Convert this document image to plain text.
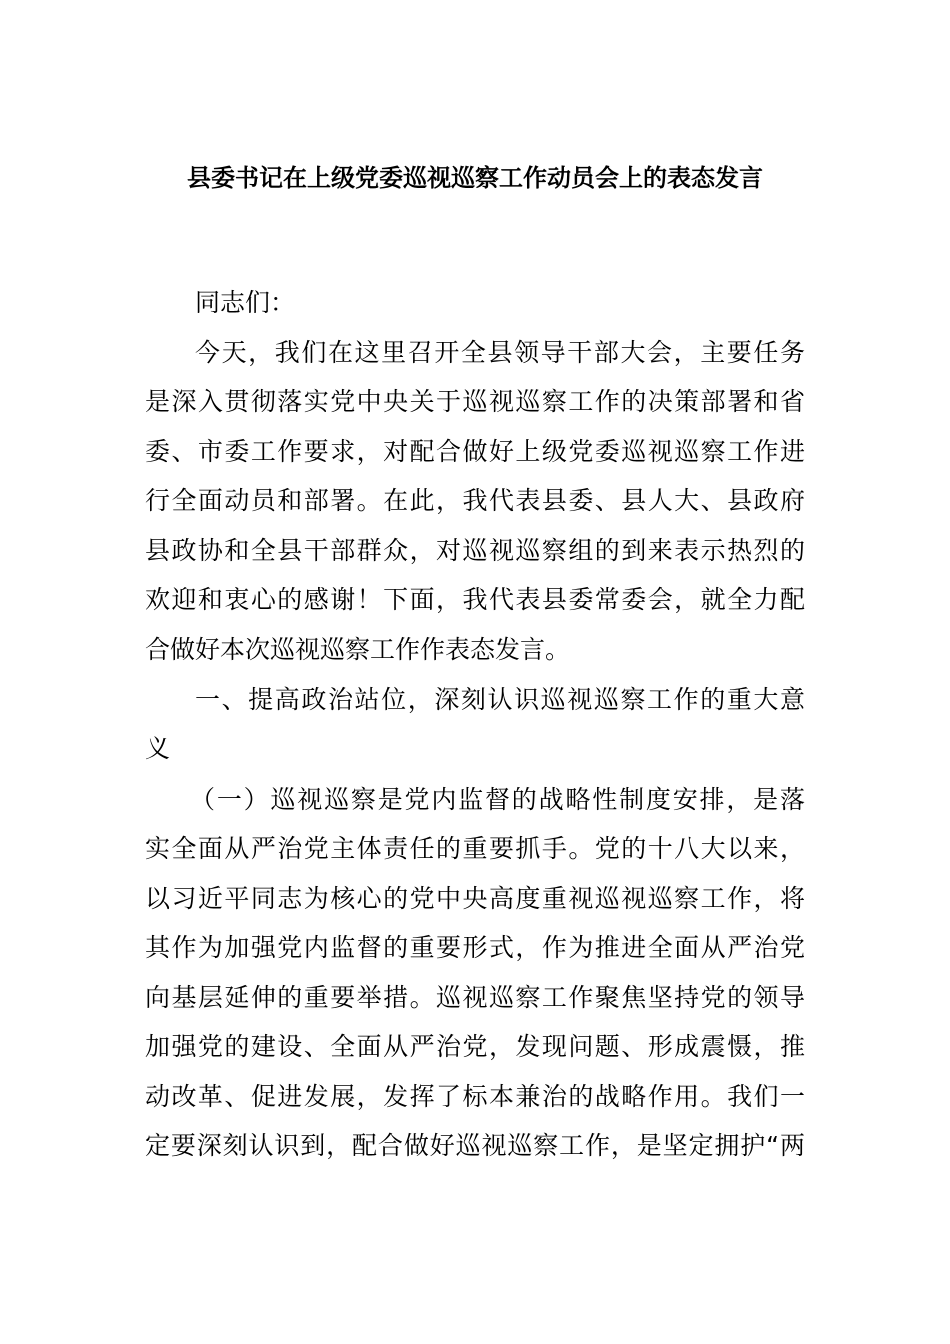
县委书记在上级党委巡视巡察工作动员会上的表态发言
同志们：
今天，我们在这里召开全县领导干部大会，主要任务
是深入贯彻落实党中央关于巡视巡察工作的决策部署和省
委、市委工作要求，对配合做好上级党委巡视巡察工作进
行全面动员和部署。在此，我代表县委、县人大、县政府
县政协和全县干部群众，对巡视巡察组的到来表示热烈的
欢迎和衷心的感谢！下面，我代表县委常委会，就全力配
合做好本次巡视巡察工作作表态发言。
一、提高政治站位，深刻认识巡视巡察工作的重大意
义
（一）巡视巡察是党内监督的战略性制度安排，是落
实全面从严治党主体责任的重要抓手。党的十八大以来，
以习近平同志为核心的党中央高度重视巡视巡察工作，将
其作为加强党内监督的重要形式，作为推进全面从严治党
向基层延伸的重要举措。巡视巡察工作聚焦坚持党的领导
加强党的建设、全面从严治党，发现问题、形成震慑，推
动改革、促进发展，发挥了标本兼治的战略作用。我们一
定要深刻认识到，配合做好巡视巡察工作，是坚定拥护“两
